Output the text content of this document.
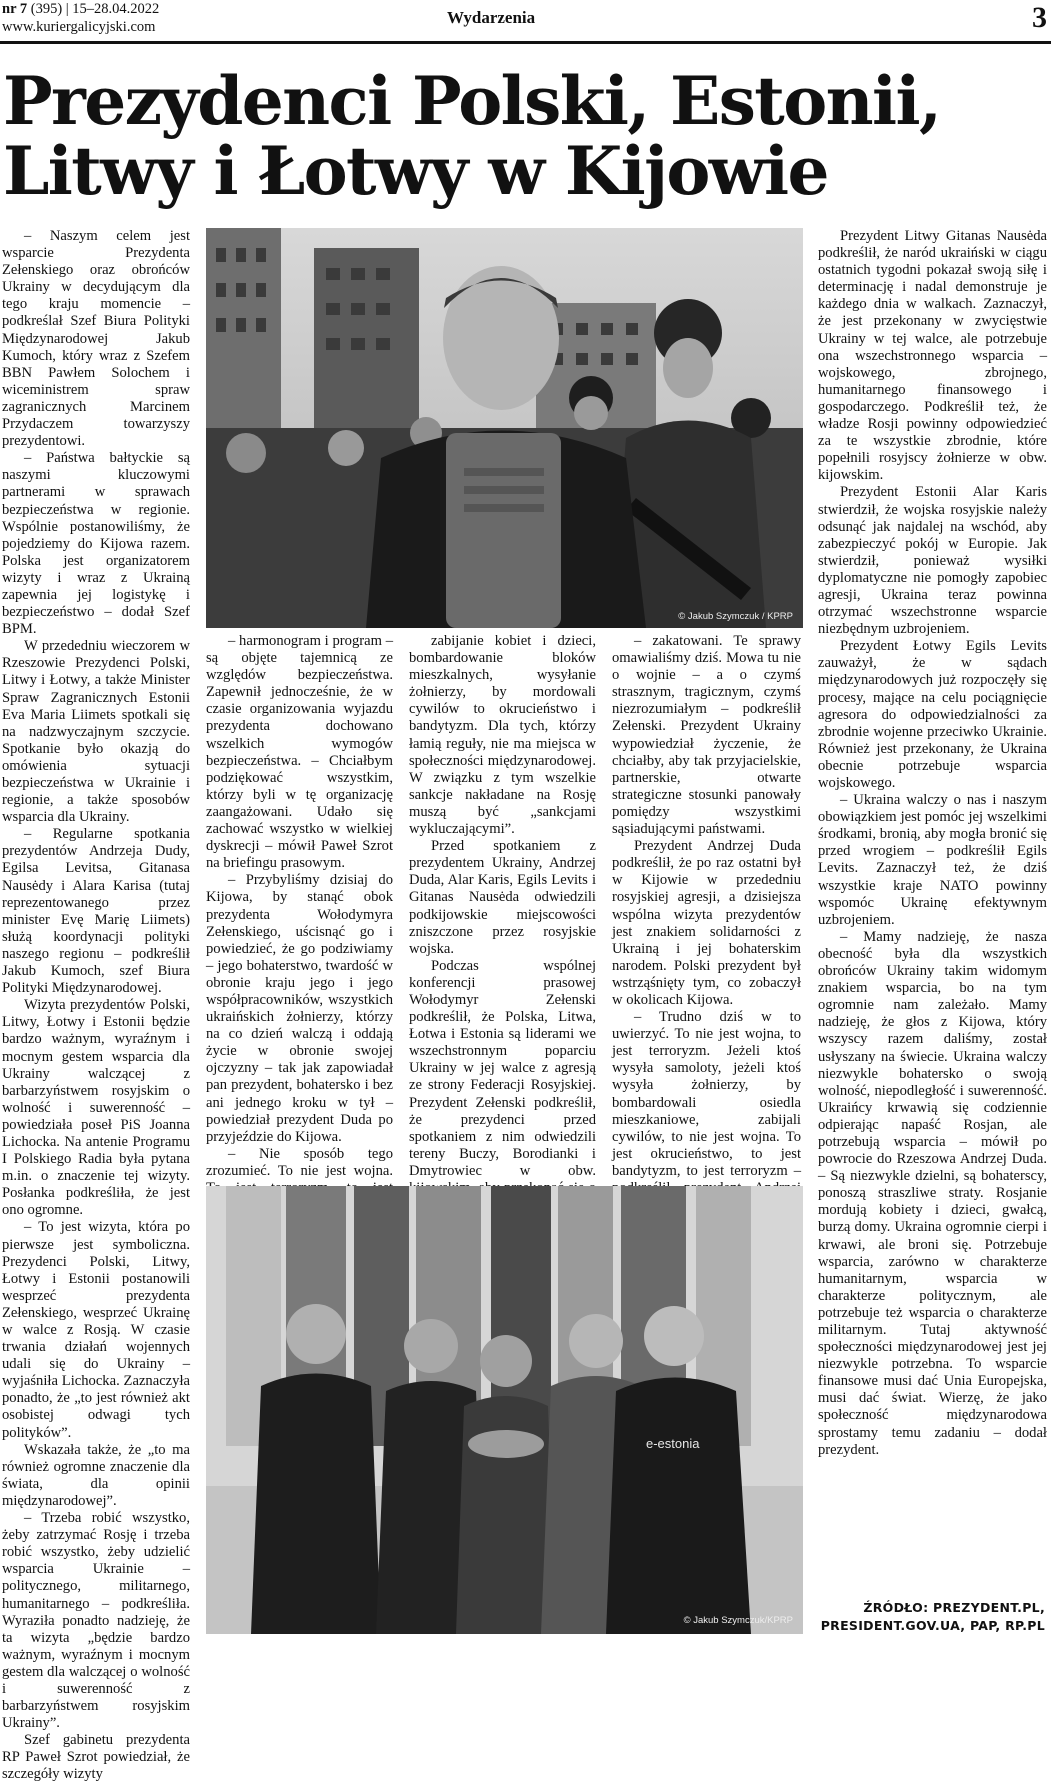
nr 7 (395) | 15–28.04.2022
www.kuriergalicyjski.com	Wydarzenia	3
Prezydenci Polski, Estonii, Litwy i Łotwy w Kijowie

– Naszym celem jest wsparcie Prezydenta Zełenskiego oraz obrońców Ukrainy w decydującym dla tego kraju momencie – podkreślał Szef Biura Polityki Międzynarodowej Jakub Kumoch, który wraz z Szefem BBN Pawłem Solochem i wiceministrem spraw zagranicznych Marcinem Przydaczem towarzyszy prezydentowi.

– Państwa bałtyckie są naszymi kluczowymi partnerami w sprawach bezpieczeństwa w regionie. Wspólnie postanowiliśmy, że pojedziemy do Kijowa razem. Polska jest organizatorem wizyty i wraz z Ukrainą zapewnia jej logistykę i bezpieczeństwo – dodał Szef BPM.

W przededniu wieczorem w Rzeszowie Prezydenci Polski, Litwy i Łotwy, a także Minister Spraw Zagranicznych Estonii Eva Maria Liimets spotkali się na nadzwyczajnym szczycie. Spotkanie było okazją do omówienia sytuacji bezpieczeństwa w Ukrainie i regionie, a także sposobów wsparcia dla Ukrainy.

– Regularne spotkania prezydentów Andrzeja Dudy, Egilsa Levitsa, Gitanasa Nausėdy i Alara Karisa (tutaj reprezentowanego przez minister Evę Marię Liimets) służą koordynacji polityki naszego regionu – podkreślił Jakub Kumoch, szef Biura Polityki Międzynarodowej.

Wizyta prezydentów Polski, Litwy, Łotwy i Estonii będzie bardzo ważnym, wyraźnym i mocnym gestem wsparcia dla Ukrainy walczącej z barbarzyństwem rosyjskim o wolność i suwerenność – powiedziała poseł PiS Joanna Lichocka. Na antenie Programu I Polskiego Radia była pytana m.in. o znaczenie tej wizyty. Posłanka podkreśliła, że jest ono ogromne.

– To jest wizyta, która po pierwsze jest symboliczna. Prezydenci Polski, Litwy, Łotwy i Estonii postanowili wesprzeć prezydenta Zełenskiego, wesprzeć Ukrainę w walce z Rosją. W czasie trwania działań wojennych udali się do Ukrainy – wyjaśniła Lichocka. Zaznaczyła ponadto, że „to jest również akt osobistej odwagi tych polityków”.

Wskazała także, że „to ma również ogromne znaczenie dla świata, dla opinii międzynarodowej”.

– Trzeba robić wszystko, żeby zatrzymać Rosję i trzeba robić wszystko, żeby udzielić wsparcia Ukrainie – politycznego, militarnego, humanitarnego – podkreśliła. Wyraziła ponadto nadzieję, że ta wizyta „będzie bardzo ważnym, wyraźnym i mocnym gestem dla walczącej o wolność i suwerenność z barbarzyństwem rosyjskim Ukrainy”.

Szef gabinetu prezydenta RP Paweł Szrot powiedział, że szczegóły wizyty

© Jakub Szymczuk / KPRP

– harmonogram i program – są objęte tajemnicą ze względów bezpieczeństwa. Zapewnił jednocześnie, że w czasie organizowania wyjazdu prezydenta dochowano wszelkich wymogów bezpieczeństwa. – Chciałbym podziękować wszystkim, którzy byli w tę organizację zaangażowani. Udało się zachować wszystko w wielkiej dyskrecji – mówił Paweł Szrot na briefingu prasowym.

– Przybyliśmy dzisiaj do Kijowa, by stanąć obok prezydenta Wołodymyra Zełenskiego, uścisnąć go i powiedzieć, że go podziwiamy – jego bohaterstwo, twardość w obronie kraju jego i jego współpracowników, wszystkich ukraińskich żołnierzy, którzy na co dzień walczą i oddają życie w obronie swojej ojczyzny – tak jak zapowiadał pan prezydent, bohatersko i bez ani jednego kroku w tył – powiedział prezydent Duda po przyjeździe do Kijowa.

– Nie sposób tego zrozumieć. To nie jest wojna.

zabijanie kobiet i dzieci, bombardowanie bloków mieszkalnych, wysyłanie żołnierzy, by mordowali cywilów to okrucieństwo i bandytyzm. Dla tych, którzy łamią reguły, nie ma miejsca w społeczności międzynarodowej. W związku z tym wszelkie sankcje nakładane na Rosję muszą być „sankcjami wykluczającymi”.

Przed spotkaniem z prezydentem Ukrainy, Andrzej Duda, Alar Karis, Egils Levits i Gitanas Nausėda odwiedzili podkijowskie miejscowości zniszczone przez rosyjskie wojska.

Podczas wspólnej konferencji prasowej Wołodymyr Zełenski podkreślił, że Polska, Litwa, Łotwa i Estonia są liderami we wszechstronnym poparciu Ukrainy w jej walce z agresją ze strony Federacji Rosyjskiej. Prezydent Zełenski podkreślił, że prezydenci przed spotkaniem z nim odwiedzili tereny Buczy, Borodianki i Dmytrowiec w obw.

– zakatowani. Te sprawy omawialiśmy dziś. Mowa tu nie o wojnie – a o czymś strasznym, tragicznym, czymś niezrozumiałym – podkreślił Zełenski. Prezydent Ukrainy wypowiedział życzenie, że chciałby, aby tak przyjacielskie, partnerskie, otwarte strategiczne stosunki panowały pomiędzy wszystkimi sąsiadującymi państwami.

Prezydent Andrzej Duda podkreślił, że po raz ostatni był w Kijowie w przededniu rosyjskiej agresji, a dzisiejsza wspólna wizyta prezydentów jest znakiem solidarności z Ukrainą i jej bohaterskim narodem. Polski prezydent był wstrząśnięty tym, co zobaczył w okolicach Kijowa.

– Trudno dziś w to uwierzyć. To nie jest wojna, to jest terroryzm. Jeżeli ktoś wysyła samoloty, jeżeli ktoś wysyła żołnierzy, by bombardowali osiedla mieszkaniowe, zabijali cywilów, to nie jest wojna. To jest okrucieństwo, to jest bandytyzm, to jest terroryzm –

e-estonia
© Jakub Szymczuk/KPRP

Prezydent Litwy Gitanas Nausėda podkreślił, że naród ukraiński w ciągu ostatnich tygodni pokazał swoją siłę i determinację i nadal demonstruje je każdego dnia w walkach. Zaznaczył, że jest przekonany w zwycięstwie Ukrainy w tej walce, ale potrzebuje ona wszechstronnego wsparcia – wojskowego, zbrojnego, humanitarnego finansowego i gospodarczego. Podkreślił też, że władze Rosji powinny odpowiedzieć za te wszystkie zbrodnie, które popełnili rosyjscy żołnierze w obw. kijowskim.

Prezydent Estonii Alar Karis stwierdził, że wojska rosyjskie należy odsunąć jak najdalej na wschód, aby zabezpieczyć pokój w Europie. Jak stwierdził, ponieważ wysiłki dyplomatyczne nie pomogły zapobiec agresji, Ukraina teraz powinna otrzymać wszechstronne wsparcie niezbędnym uzbrojeniem.

Prezydent Łotwy Egils Levits zauważył, że w sądach międzynarodowych już rozpoczęły się procesy, mające na celu pociągnięcie agresora do odpowiedzialności za zbrodnie wojenne przeciwko Ukrainie. Również jest przekonany, że Ukraina obecnie potrzebuje wsparcia wojskowego.

– Ukraina walczy o nas i naszym obowiązkiem jest pomóc jej wszelkimi środkami, bronią, aby mogła bronić się przed wrogiem – podkreślił Egils Levits. Zaznaczył też, że dziś wszystkie kraje NATO powinny wspomóc Ukrainę efektywnym uzbrojeniem.

– Mamy nadzieję, że nasza obecność była dla wszystkich obrońców Ukrainy takim widomym znakiem wsparcia, bo na tym ogromnie nam zależało. Mamy nadzieję, że głos z Kijowa, który wszyscy razem daliśmy, został usłyszany na świecie. Ukraina walczy niezwykle bohatersko o swoją wolność, niepodległość i suwerenność. Ukraińcy krwawią się codziennie odpierając napaść Rosjan, ale potrzebują wsparcia – mówił po powrocie do Rzeszowa Andrzej Duda. – Są niezwykle dzielni, są bohaterscy, ponoszą straszliwe straty. Rosjanie mordują kobiety i dzieci, gwałcą, burzą domy. Ukraina ogromnie cierpi i krwawi, ale broni się. Potrzebuje wsparcia, zarówno w charakterze humanitarnym, wsparcia w charakterze politycznym, ale potrzebuje też wsparcia o charakterze militarnym. Tutaj aktywność społeczności międzynarodowej jest jej niezwykle potrzebna. To wsparcie finansowe musi dać Unia Europejska, musi dać świat. Wierzę, że jako społeczność międzynarodowa sprostamy temu zadaniu – dodał prezydent.

ŹRÓDŁO: PREZYDENT.PL,
PRESIDENT.GOV.UA, PAP, RP.PL
